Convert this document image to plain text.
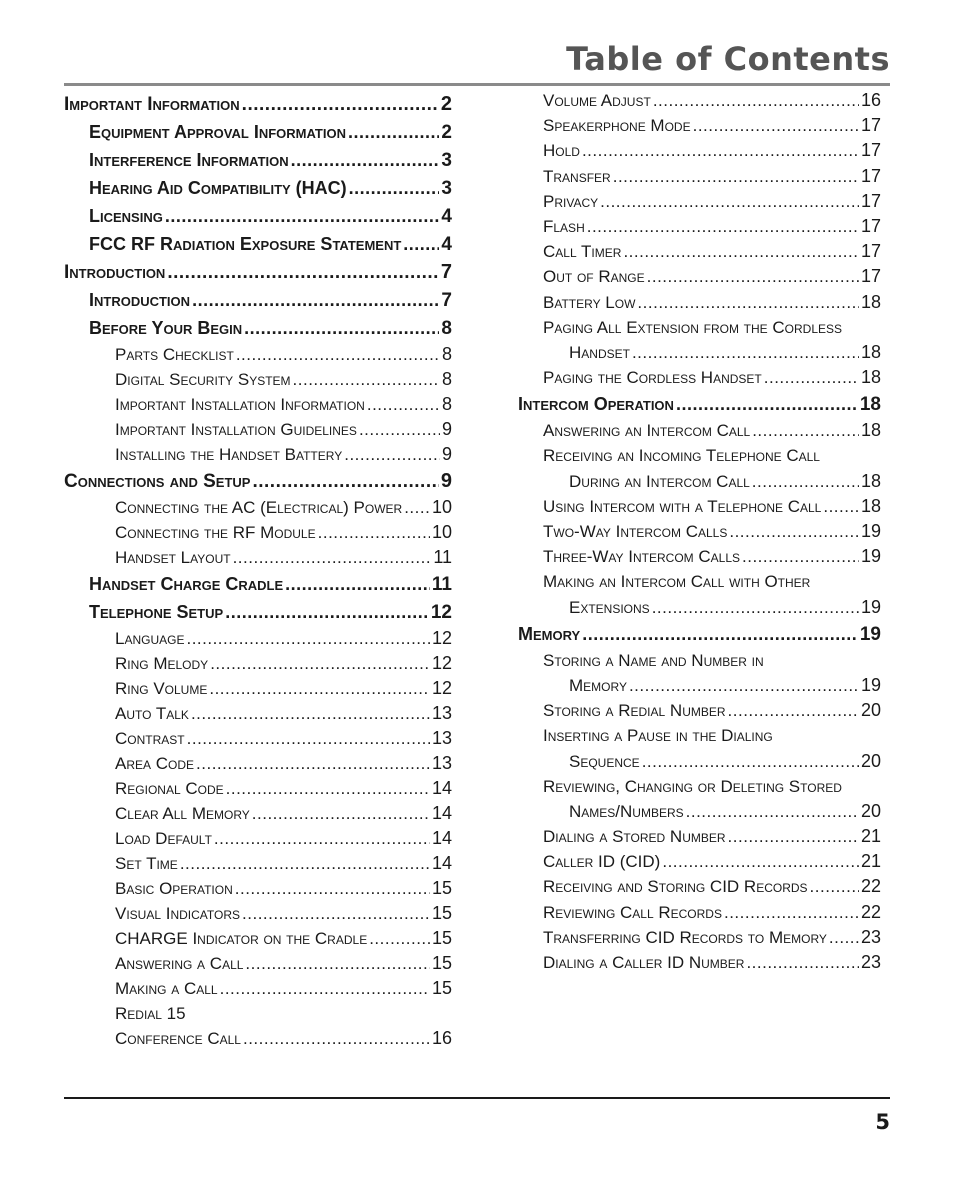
Table of Contents
Important Information .....	2
Equipment Approval Information .....	2
Interference Information .....	3
Hearing Aid Compatibility (HAC) .....	3
Licensing .....	4
FCC RF Radiation Exposure Statement ..... 4
Introduction .....	7
Introduction .....	7
Before Your Begin .....	8
Parts Checklist .....	8
Digital Security System .....	8
Important Installation Information .....	8
Important Installation Guidelines .....	9
Installing the Handset Battery .....	9
Connections and Setup .....	9
Connecting the AC (Electrical) Power ..... 10
Connecting the RF Module .....	10
Handset Layout .....	11
Handset Charge Cradle .....	11
Telephone Setup .....	12
Language .....	12
Ring Melody .....	12
Ring Volume .....	12
Auto Talk .....	13
Contrast .....	13
Area Code .....	13
Regional Code .....	14
Clear All Memory .....	14
Load Default .....	14
Set Time .....	14
Basic Operation .....	15
Visual Indicators .....	15
CHARGE Indicator on the Cradle .....	15
Answering a Call .....	15
Making a Call .....	15
Redial 15
Conference Call .....	16
Volume Adjust .....	16
Speakerphone Mode .....	17
Hold .....	17
Transfer .....	17
Privacy .....	17
Flash .....	17
Call Timer .....	17
Out of Range .....	17
Battery Low .....	18
Paging All Extension from the Cordless
Handset .....	18
Paging the Cordless Handset .....	18
Intercom Operation .....	18
Answering an Intercom Call .....	18
Receiving an Incoming Telephone Call
During an Intercom Call .....	18
Using Intercom with a Telephone Call ..... 18
Two-Way Intercom Calls .....	19
Three-Way Intercom Calls .....	19
Making an Intercom Call with Other
Extensions .....	19
Memory .....	19
Storing a Name and Number in
Memory .....	19
Storing a Redial Number .....	20
Inserting a Pause in the Dialing
Sequence .....	20
Reviewing, Changing or Deleting Stored
Names/Numbers .....	20
Dialing a Stored Number .....	21
Caller ID (CID) .....	21
Receiving and Storing CID Records .....	22
Reviewing Call Records .....	22
Transferring CID Records to Memory ..... 23
Dialing a Caller ID Number .....	23
5
